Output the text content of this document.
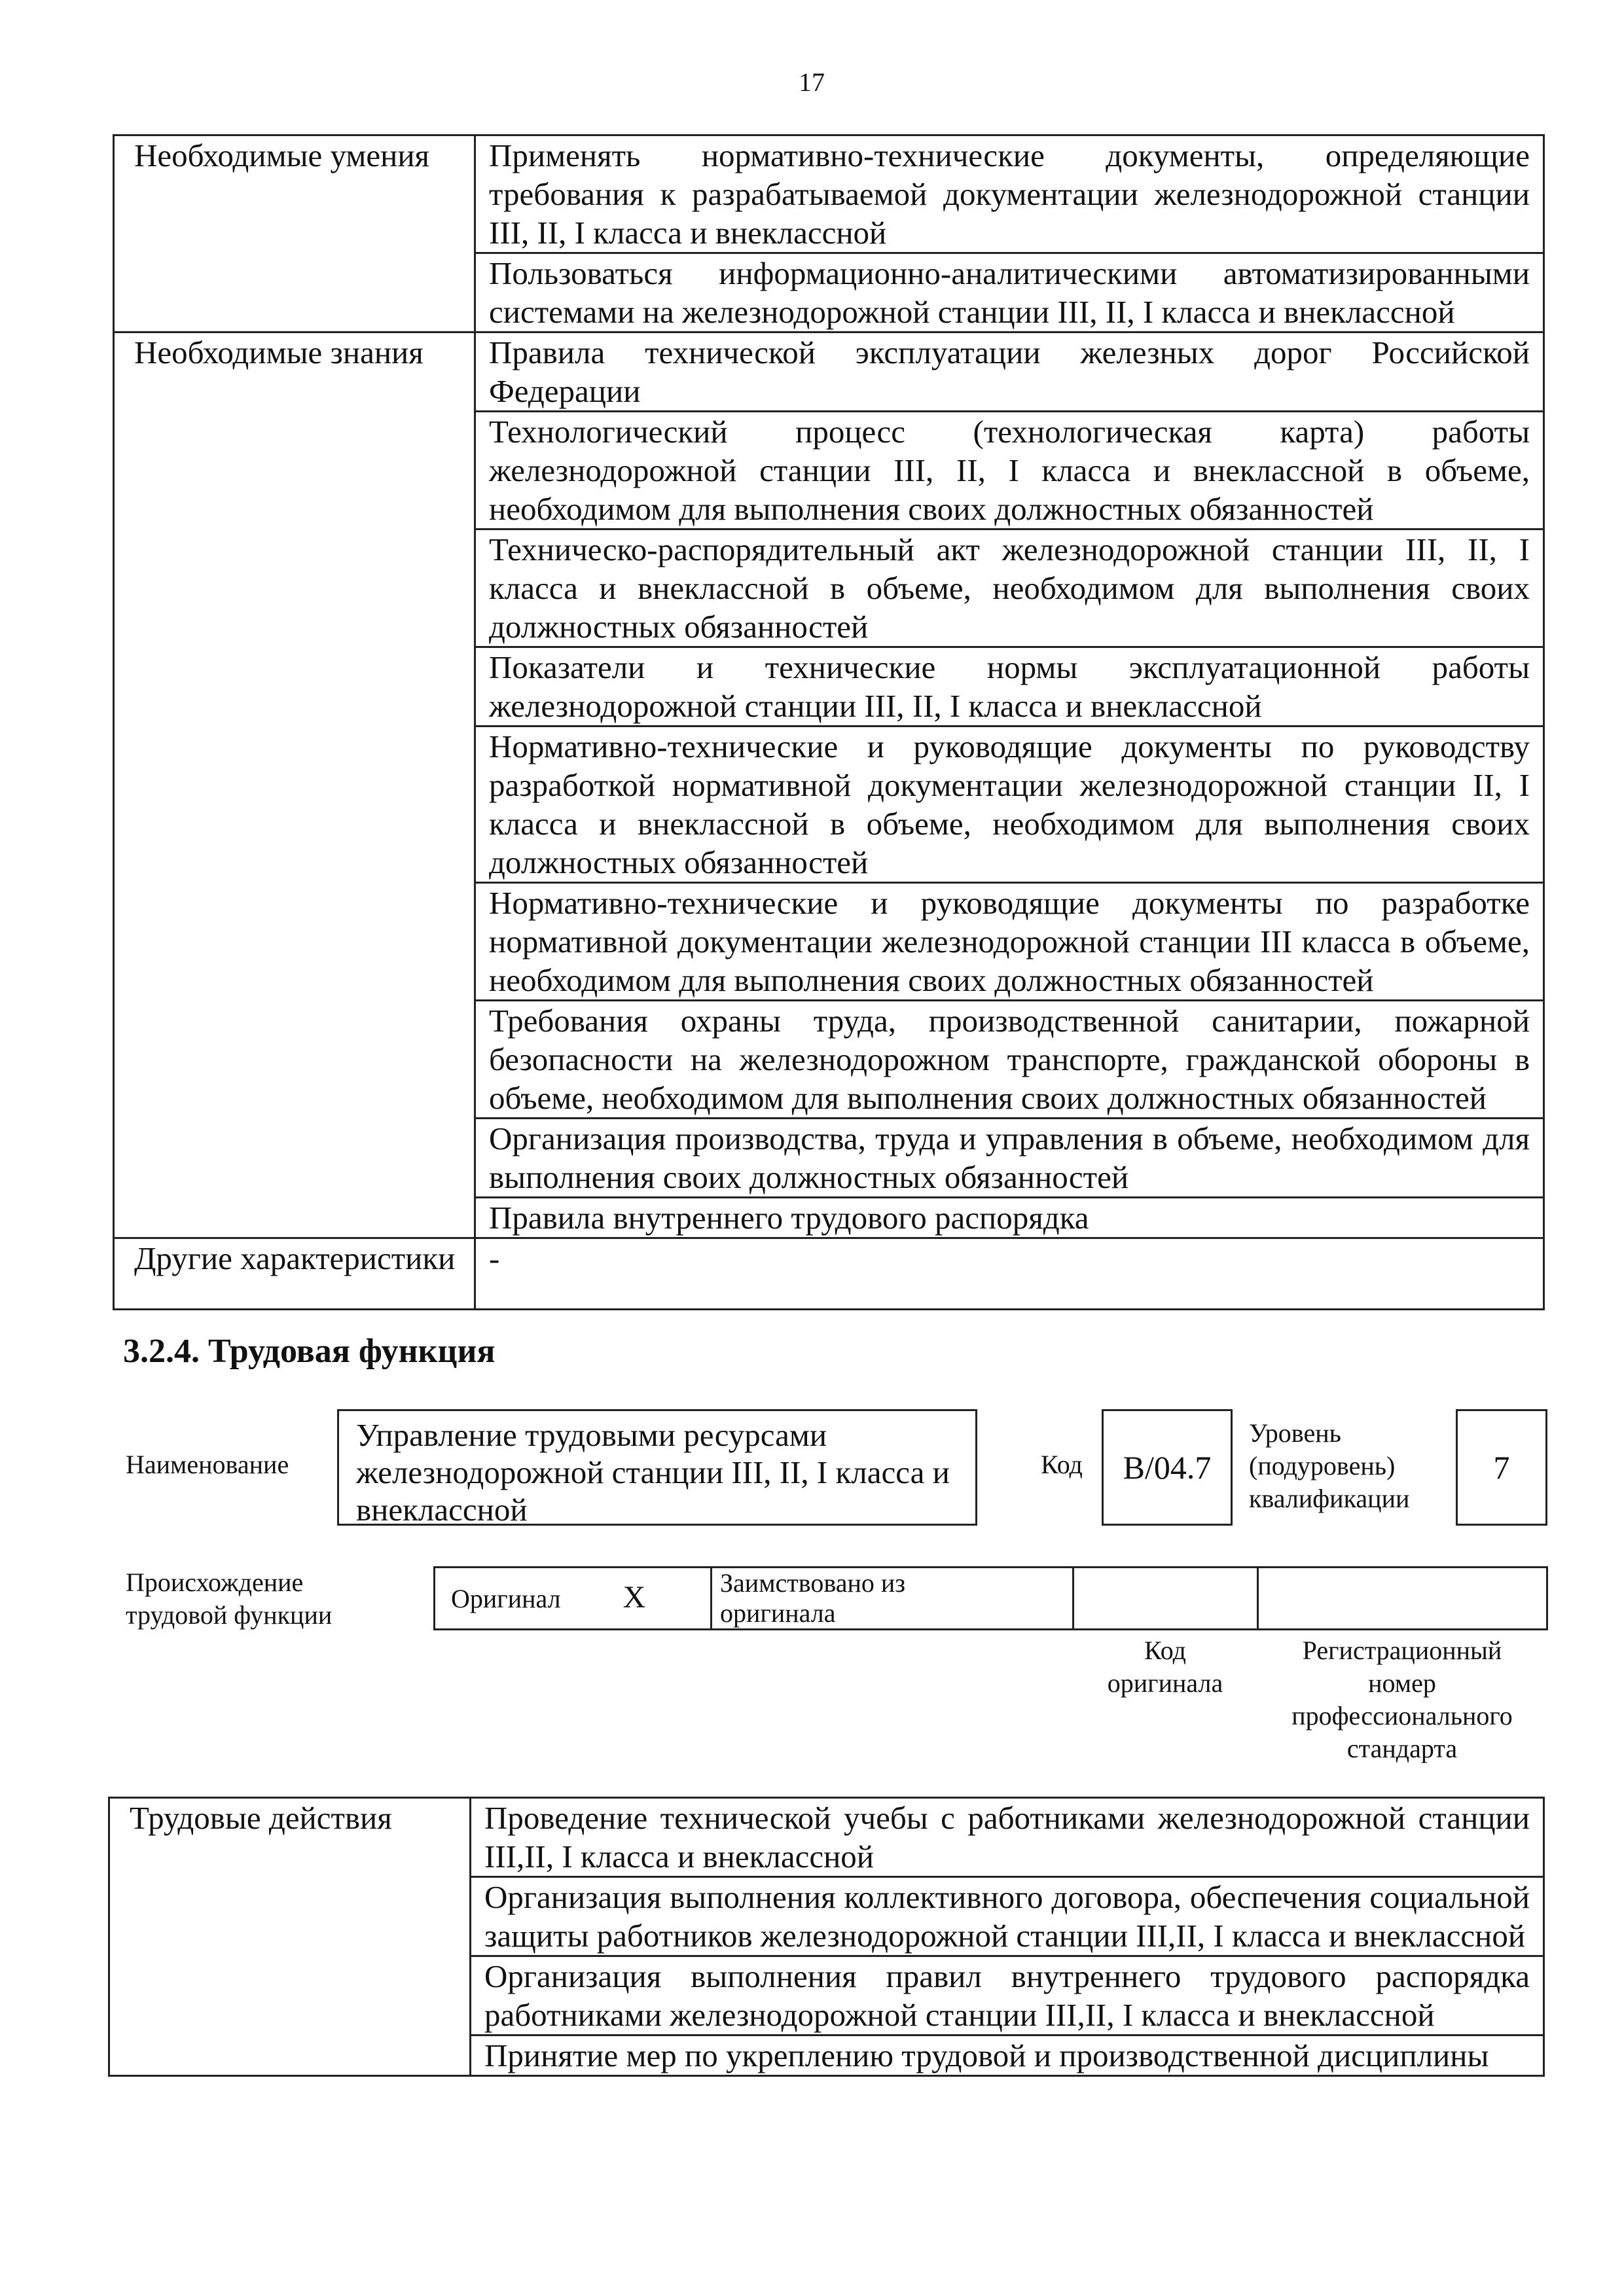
17
Необходимые умения	Применять нормативно-технические документы, определяющие требования к разрабатываемой документации железнодорожной станции III, II, I класса и внеклассной
	Пользоваться информационно-аналитическими автоматизированными системами на железнодорожной станции III, II, I класса и внеклассной
Необходимые знания	Правила технической эксплуатации железных дорог Российской Федерации
	Технологический процесс (технологическая карта) работы железнодорожной станции III, II, I класса и внеклассной в объеме, необходимом для выполнения своих должностных обязанностей
	Техническо-распорядительный акт железнодорожной станции III, II, I класса и внеклассной в объеме, необходимом для выполнения своих должностных обязанностей
	Показатели и технические нормы эксплуатационной работы железнодорожной станции III, II, I класса и внеклассной
	Нормативно-технические и руководящие документы по руководству разработкой нормативной документации железнодорожной станции II, I класса и внеклассной в объеме, необходимом для выполнения своих должностных обязанностей
	Нормативно-технические и руководящие документы по разработке нормативной документации железнодорожной станции III класса в объеме, необходимом для выполнения своих должностных обязанностей
	Требования охраны труда, производственной санитарии, пожарной безопасности на железнодорожном транспорте, гражданской обороны в объеме, необходимом для выполнения своих должностных обязанностей
	Организация производства, труда и управления в объеме, необходимом для выполнения своих должностных обязанностей
	Правила внутреннего трудового распорядка
Другие характеристики	-
3.2.4. Трудовая функция
Наименование
Управление трудовыми ресурсами железнодорожной станции III, II, I класса и внеклассной
Код	В/04.7
Уровень
(подуровень)
квалификации
7
Происхождение
трудовой функции
Оригинал X	Заимствовано из
оригинала

Код
оригинала
Регистрационный
номер
профессионального
стандарта
Трудовые действия	Проведение технической учебы с работниками железнодорожной станции III,II, I класса и внеклассной
Организация выполнения коллективного договора, обеспечения социальной защиты работников железнодорожной станции III,II, I класса и внеклассной
Организация выполнения правил внутреннего трудового распорядка работниками железнодорожной станции III,II, I класса и внеклассной
Принятие мер по укреплению трудовой и производственной дисциплины
